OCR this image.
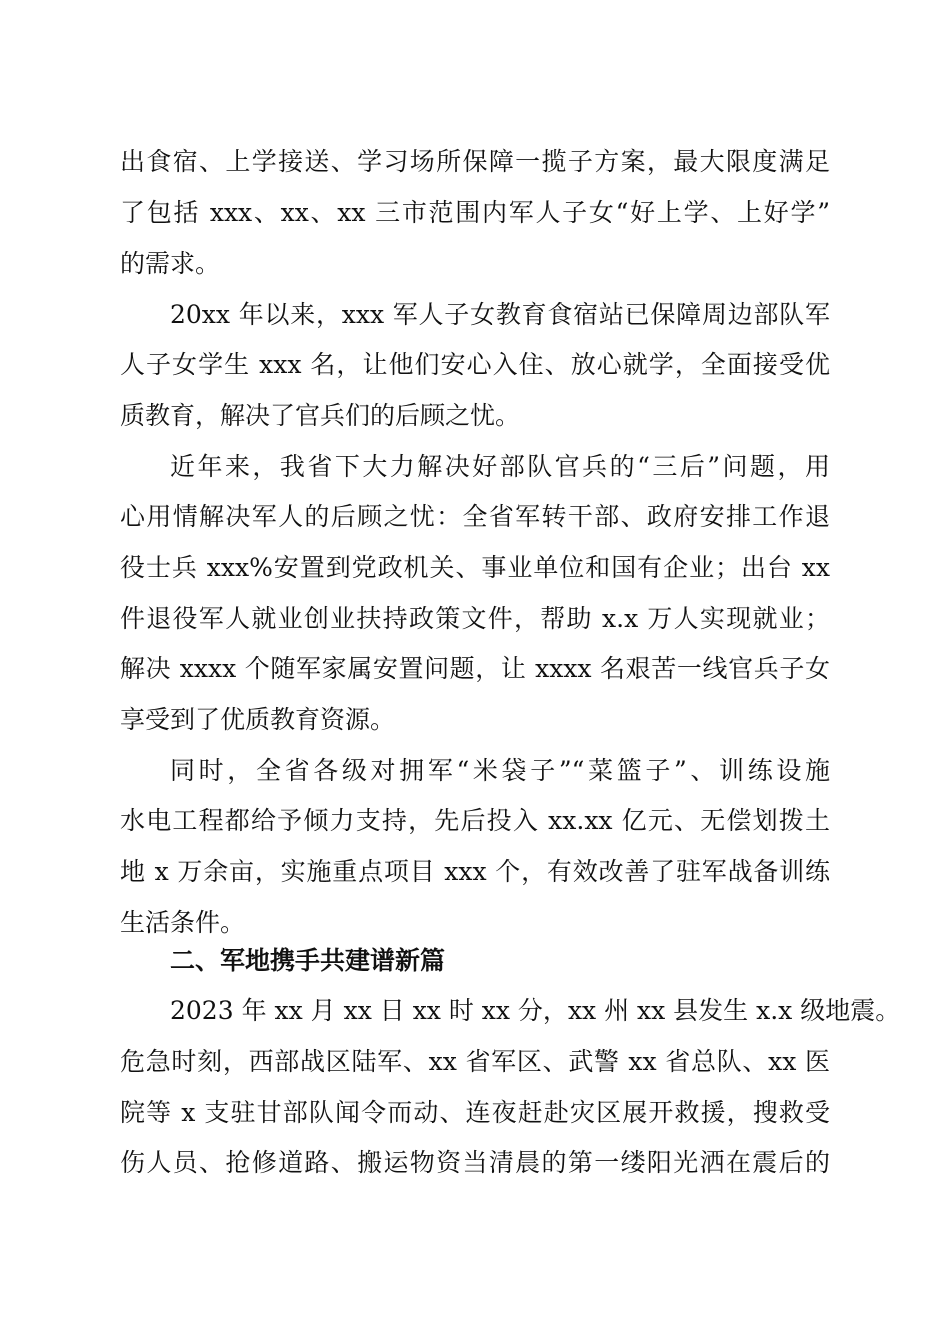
出食宿、上学接送、学习场所保障一揽子方案，最大限度满足
了包括 xxx、xx、xx 三市范围内军人子女“好上学、上好学”
的需求。
20xx 年以来，xxx 军人子女教育食宿站已保障周边部队军
人子女学生 xxx 名，让他们安心入住、放心就学，全面接受优
质教育，解决了官兵们的后顾之忧。
近年来，我省下大力解决好部队官兵的“三后”问题，用
心用情解决军人的后顾之忧：全省军转干部、政府安排工作退
役士兵 xxx%安置到党政机关、事业单位和国有企业；出台 xx
件退役军人就业创业扶持政策文件，帮助 x.x 万人实现就业；
解决 xxxx 个随军家属安置问题，让 xxxx 名艰苦一线官兵子女
享受到了优质教育资源。
同时，全省各级对拥军“米袋子”“菜篮子”、训练设施
水电工程都给予倾力支持，先后投入 xx.xx 亿元、无偿划拨土
地 x 万余亩，实施重点项目 xxx 个，有效改善了驻军战备训练
生活条件。
二、军地携手共建谱新篇
2023 年 xx 月 xx 日 xx 时 xx 分，xx 州 xx 县发生 x.x 级地震。
危急时刻，西部战区陆军、xx 省军区、武警 xx 省总队、xx 医
院等 x 支驻甘部队闻令而动、连夜赶赴灾区展开救援，搜救受
伤人员、抢修道路、搬运物资当清晨的第一缕阳光洒在震后的
